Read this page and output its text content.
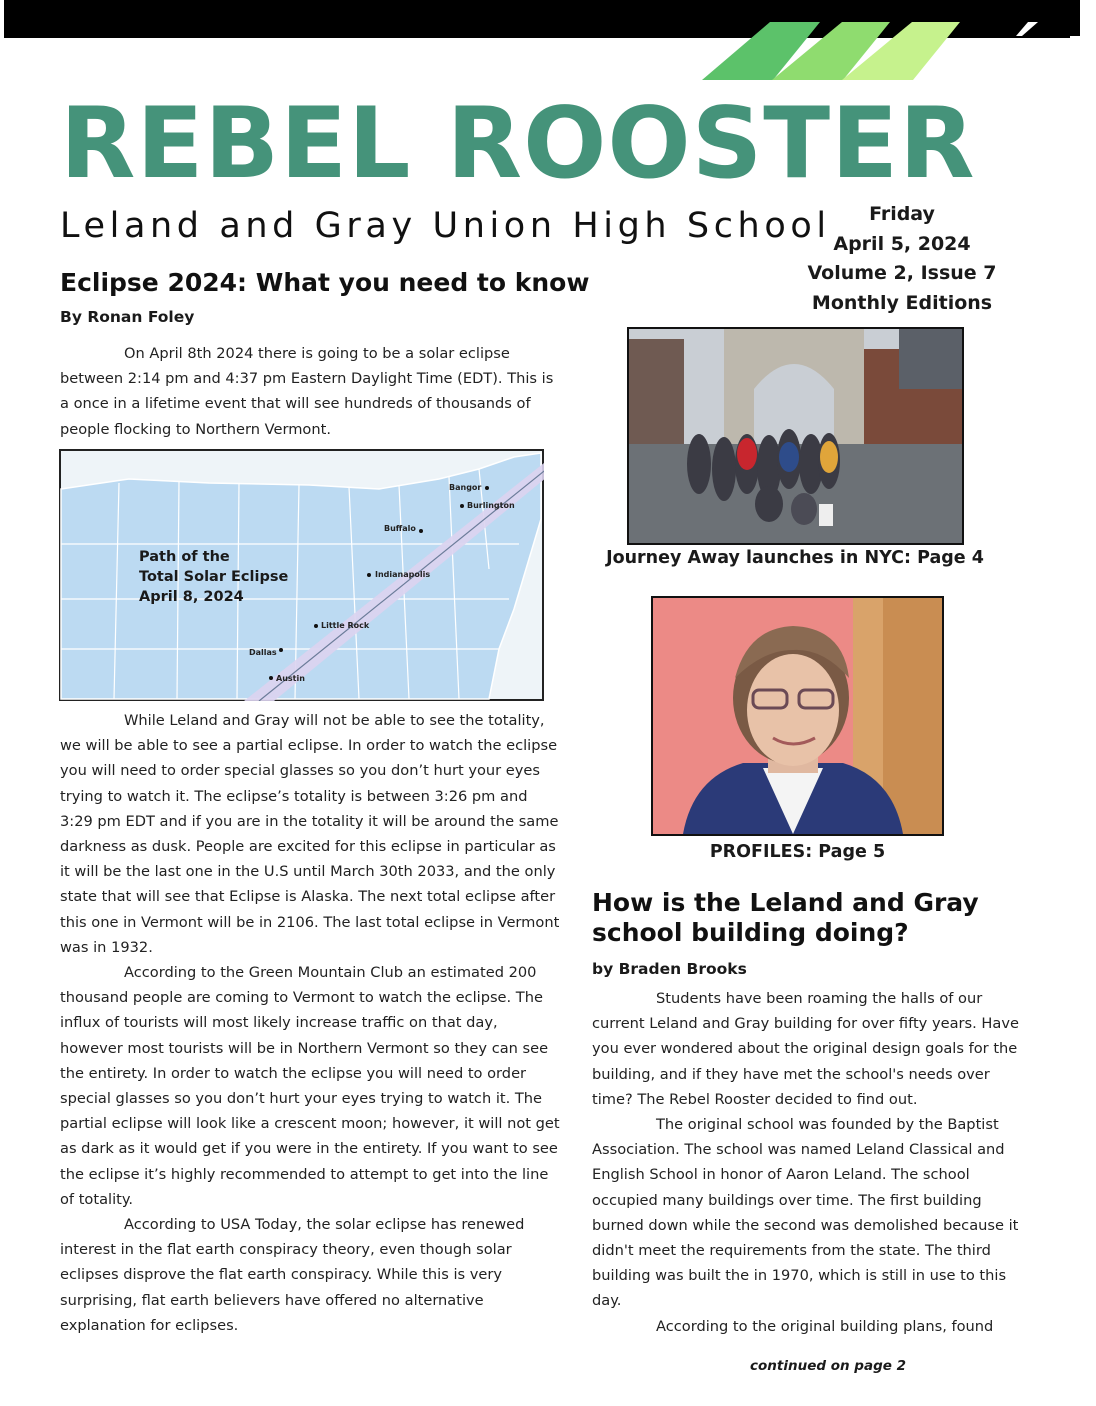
REBEL ROOSTER
Leland and Gray Union High School	Friday
April 5, 2024
Volume 2, Issue 7
Monthly Editions
Eclipse 2024: What you need to know
By Ronan Foley

On April 8th 2024 there is going to be a solar eclipse between 2:14 pm and 4:37 pm Eastern Daylight Time (EDT). This is a once in a lifetime event that will see hundreds of thousands of people flocking to Northern Vermont.

Path of the
Total Solar Eclipse
April 8, 2024
Bangor
Burlington
Buffalo
Indianapolis
Little Rock
Dallas
Austin

While Leland and Gray will not be able to see the totality, we will be able to see a partial eclipse. In order to watch the eclipse you will need to order special glasses so you don’t hurt your eyes trying to watch it. The eclipse’s totality is between 3:26 pm and 3:29 pm EDT and if you are in the totality it will be around the same darkness as dusk. People are excited for this eclipse in particular as it will be the last one in the U.S until March 30th 2033, and the only state that will see that Eclipse is Alaska. The next total eclipse after this one in Vermont will be in 2106. The last total eclipse in Vermont was in 1932.

According to the Green Mountain Club an estimated 200 thousand people are coming to Vermont to watch the eclipse. The influx of tourists will most likely increase traffic on that day, however most tourists will be in Northern Vermont so they can see the entirety. In order to watch the eclipse you will need to order special glasses so you don’t hurt your eyes trying to watch it. The partial eclipse will look like a crescent moon; however, it will not get as dark as it would get if you were in the entirety. If you want to see the eclipse it’s highly recommended to attempt to get into the line of totality.

According to USA Today, the solar eclipse has renewed interest in the flat earth conspiracy theory, even though solar eclipses disprove the flat earth conspiracy. While this is very surprising, flat earth believers have offered no alternative explanation for eclipses.

Journey Away launches in NYC: Page 4
PROFILES: Page 5
How is the Leland and Gray
school building doing?
by Braden Brooks

Students have been roaming the halls of our current Leland and Gray building for over fifty years. Have you ever wondered about the original design goals for the building, and if they have met the school's needs over time? The Rebel Rooster decided to find out.

The original school was founded by the Baptist Association. The school was named Leland Classical and English School in honor of Aaron Leland. The school occupied many buildings over time. The first building burned down while the second was demolished because it didn't meet the requirements from the state. The third building was built the in 1970, which is still in use to this day.

According to the original building plans, found

continued on page 2
